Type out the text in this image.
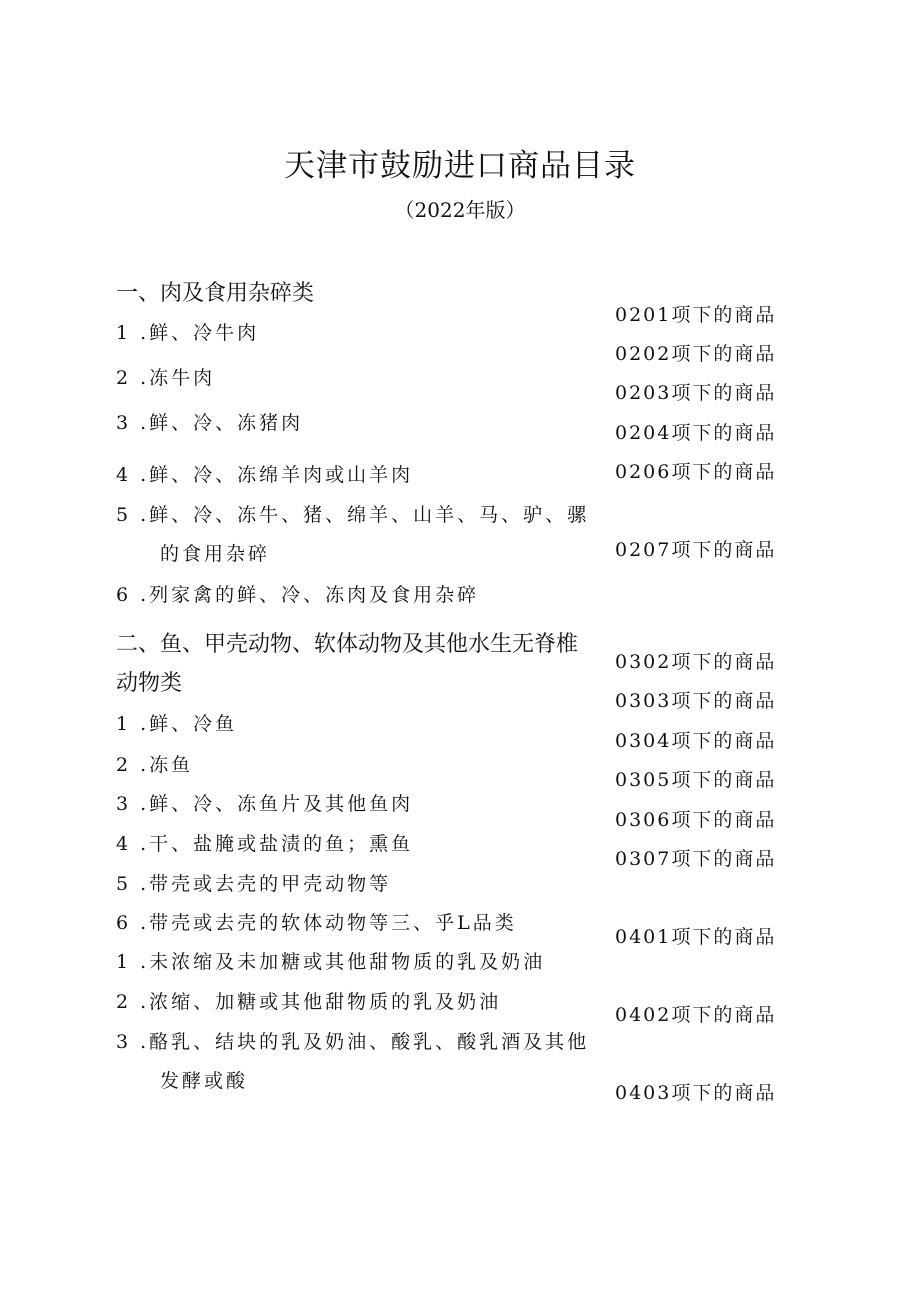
天津市鼓励进口商品目录
（2022年版）
一、肉及食用杂碎类
0201项下的商品
1 .鲜、冷牛肉
0202项下的商品
2 .冻牛肉
0203项下的商品
3 .鲜、冷、冻猪肉	0204项下的商品
0206项下的商品
4 .鲜、冷、冻绵羊肉或山羊肉
5 .鲜、冷、冻牛、猪、绵羊、山羊、马、驴、骡
的食用杂碎	0207项下的商品
6 .列家禽的鲜、冷、冻肉及食用杂碎
二、鱼、甲壳动物、软体动物及其他水生无脊椎
0302项下的商品
动物类
0303项下的商品
1 .鲜、冷鱼
0304项下的商品
2 .冻鱼
0305项下的商品
3 .鲜、冷、冻鱼片及其他鱼肉
0306项下的商品
4 .干、盐腌或盐渍的鱼；熏鱼
0307项下的商品
5 .带壳或去壳的甲壳动物等
6 .带壳或去壳的软体动物等三、乎L品类
0401项下的商品
1 .未浓缩及未加糖或其他甜物质的乳及奶油
2 .浓缩、加糖或其他甜物质的乳及奶油
0402项下的商品
3 .酪乳、结块的乳及奶油、酸乳、酸乳酒及其他
发酵或酸
0403项下的商品
